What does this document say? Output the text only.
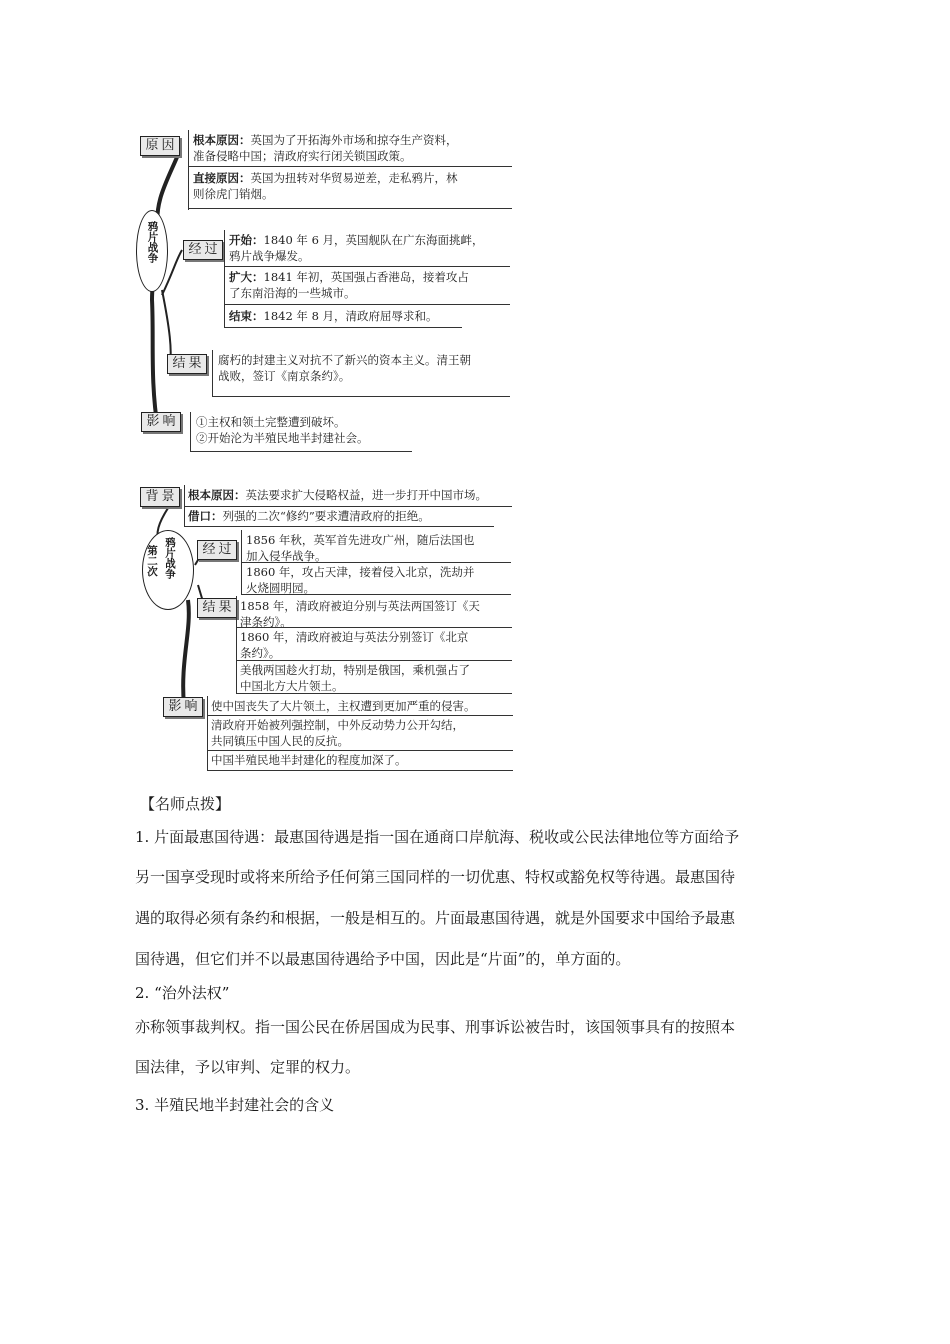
鸦片战争
原因 根本原因：英国为了开拓海外市场和掠夺生产资料，
准备侵略中国；清政府实行闭关锁国政策。
直接原因：英国为扭转对华贸易逆差，走私鸦片，林
则徐虎门销烟。
经过
开始：1840 年 6 月，英国舰队在广东海面挑衅，
鸦片战争爆发。
扩大：1841 年初，英国强占香港岛，接着攻占
了东南沿海的一些城市。
结束：1842 年 8 月，清政府屈辱求和。
结果 腐朽的封建主义对抗不了新兴的资本主义。清王朝
战败，签订《南京条约》。
影响 ①主权和领土完整遭到破坏。
②开始沦为半殖民地半封建社会。
第二次 鸦片战争
背景 根本原因：英法要求扩大侵略权益，进一步打开中国市场。
借口：列强的二次“修约”要求遭清政府的拒绝。
经过
1856 年秋，英军首先进攻广州，随后法国也
加入侵华战争。
1860 年，攻占天津，接着侵入北京，洗劫并
火烧圆明园。
结果 1858 年，清政府被迫分别与英法两国签订《天
津条约》。
1860 年，清政府被迫与英法分别签订《北京
条约》。
美俄两国趁火打劫，特别是俄国，乘机强占了
中国北方大片领土。
影响 使中国丧失了大片领土，主权遭到更加严重的侵害。
清政府开始被列强控制，中外反动势力公开勾结，
共同镇压中国人民的反抗。
中国半殖民地半封建化的程度加深了。
【名师点拨】
1. 片面最惠国待遇：最惠国待遇是指一国在通商口岸航海、税收或公民法律地位等方面给予
另一国享受现时或将来所给予任何第三国同样的一切优惠、特权或豁免权等待遇。最惠国待
遇的取得必须有条约和根据，一般是相互的。片面最惠国待遇，就是外国要求中国给予最惠
国待遇，但它们并不以最惠国待遇给予中国，因此是“片面”的，单方面的。
2. “治外法权”
亦称领事裁判权。指一国公民在侨居国成为民事、刑事诉讼被告时，该国领事具有的按照本
国法律，予以审判、定罪的权力。
3. 半殖民地半封建社会的含义
